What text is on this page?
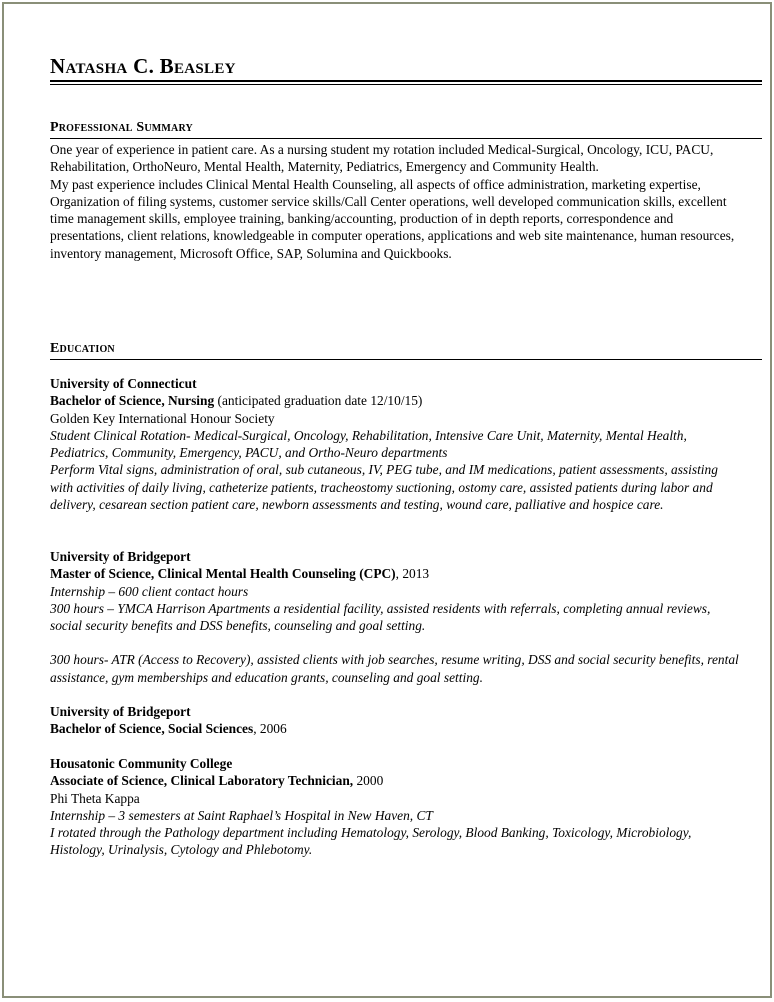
Natasha C. Beasley
Professional Summary

One year of experience in patient care. As a nursing student my rotation included Medical-Surgical, Oncology, ICU, PACU, Rehabilitation, OrthoNeuro, Mental Health, Maternity, Pediatrics, Emergency and Community Health.

My past experience includes Clinical Mental Health Counseling, all aspects of office administration, marketing expertise, Organization of filing systems, customer service skills/Call Center operations, well developed communication skills, excellent time management skills, employee training, banking/accounting, production of in depth reports, correspondence and presentations, client relations, knowledgeable in computer operations, applications and web site maintenance, human resources, inventory management, Microsoft Office, SAP, Solumina and Quickbooks.

Education

University of Connecticut

Bachelor of Science, Nursing (anticipated graduation date 12/10/15)

Golden Key International Honour Society

Student Clinical Rotation- Medical-Surgical, Oncology, Rehabilitation, Intensive Care Unit, Maternity, Mental Health, Pediatrics, Community, Emergency, PACU, and Ortho-Neuro departments

Perform Vital signs, administration of oral, sub cutaneous, IV, PEG tube, and IM medications, patient assessments, assisting with activities of daily living, catheterize patients, tracheostomy suctioning, ostomy care, assisted patients during labor and delivery, cesarean section patient care, newborn assessments and testing, wound care, palliative and hospice care.

University of Bridgeport

Master of Science, Clinical Mental Health Counseling (CPC), 2013

Internship – 600 client contact hours

300 hours – YMCA Harrison Apartments a residential facility, assisted residents with referrals, completing annual reviews, social security benefits and DSS benefits, counseling and goal setting.

300 hours- ATR (Access to Recovery), assisted clients with job searches, resume writing, DSS and social security benefits, rental assistance, gym memberships and education grants, counseling and goal setting.

University of Bridgeport

Bachelor of Science, Social Sciences, 2006

Housatonic Community College

Associate of Science, Clinical Laboratory Technician, 2000

Phi Theta Kappa

Internship – 3 semesters at Saint Raphael’s Hospital in New Haven, CT

I rotated through the Pathology department including Hematology, Serology, Blood Banking, Toxicology, Microbiology, Histology, Urinalysis, Cytology and Phlebotomy.
